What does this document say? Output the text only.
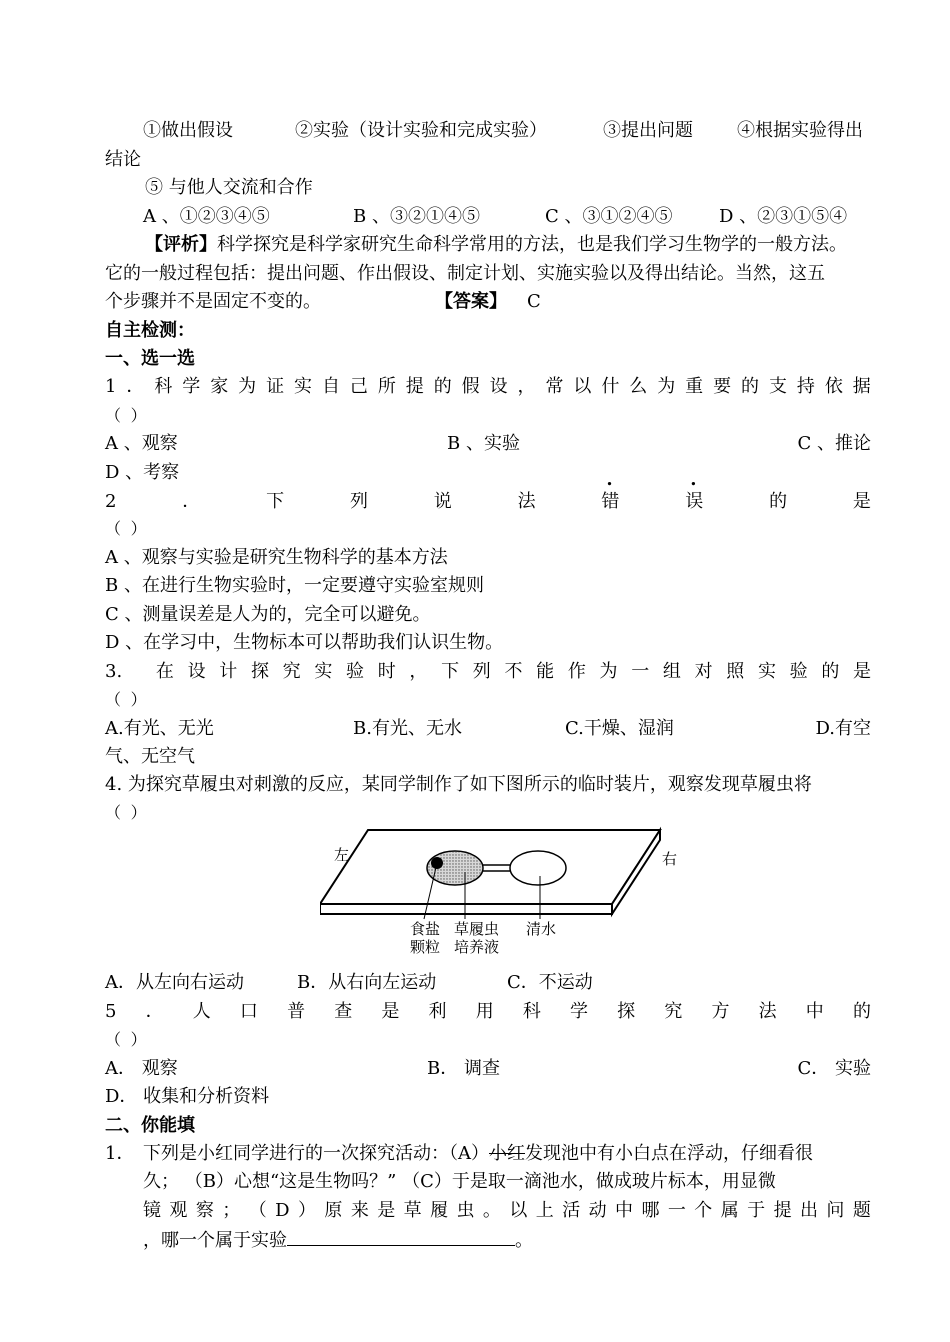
①做出假设	②实验（设计实验和完成实验）	③提出问题 ④根据实验得出
结论
⑤ 与他人交流和合作
A 、①②③④⑤	B 、③②①④⑤	C 、③①②④⑤	D 、②③①⑤④
【评析】科学探究是科学家研究生命科学常用的方法，也是我们学习生物学的一般方法。
它的一般过程包括：提出问题、作出假设、制定计划、实施实验以及得出结论。当然，这五
个步骤并不是固定不变的。	【答案】 C
自主检测：
一、选一选
1 ． 科 学 家 为 证 实 自 己 所 提 的 假 设 ， 常 以 什 么 为 重 要 的 支 持 依 据
（ ）
A 、观察	B 、实验	C 、推论
D 、考察
2	．	下	列	说	法	. 错	. 误	的	是
（ ）
A 、观察与实验是研究生物科学的基本方法
B 、在进行生物实验时，一定要遵守实验室规则
C 、测量误差是人为的，完全可以避免。
D 、在学习中，生物标本可以帮助我们认识生物。
3. 在 设 计 探 究 实 验 时 ， 下 列 不 能 作 为 一 组 对 照 实 验 的 是
（ ）
A.有光、无光	B.有光、无水	C.干燥、湿润	D.有空
气、无空气
4. 为探究草履虫对刺激的反应，某同学制作了如下图所示的临时装片，观察发现草履虫将
（ ）
左	右
食盐
颗粒
草履虫
培养液
清水
A．从左向右运动	B．从右向左运动	C．不运动
5 ． 人 口 普 查 是 利 用 科 学 探 究 方 法 中 的
（ ）
A． 观察	B． 调查	C． 实验
D． 收集和分析资料
二、你能填
1． 下列是小红同学进行的一次探究活动：（A）小红发现池中有小白点在浮动，仔细看很
久； （B）心想“这是生物吗？” （C）于是取一滴池水，做成玻片标本，用显微
镜 观 察 ； （ D ） 原 来 是 草 履 虫 。 以 上 活 动 中 哪 一 个 属 于 提 出 问 题
，哪一个属于实验	。
